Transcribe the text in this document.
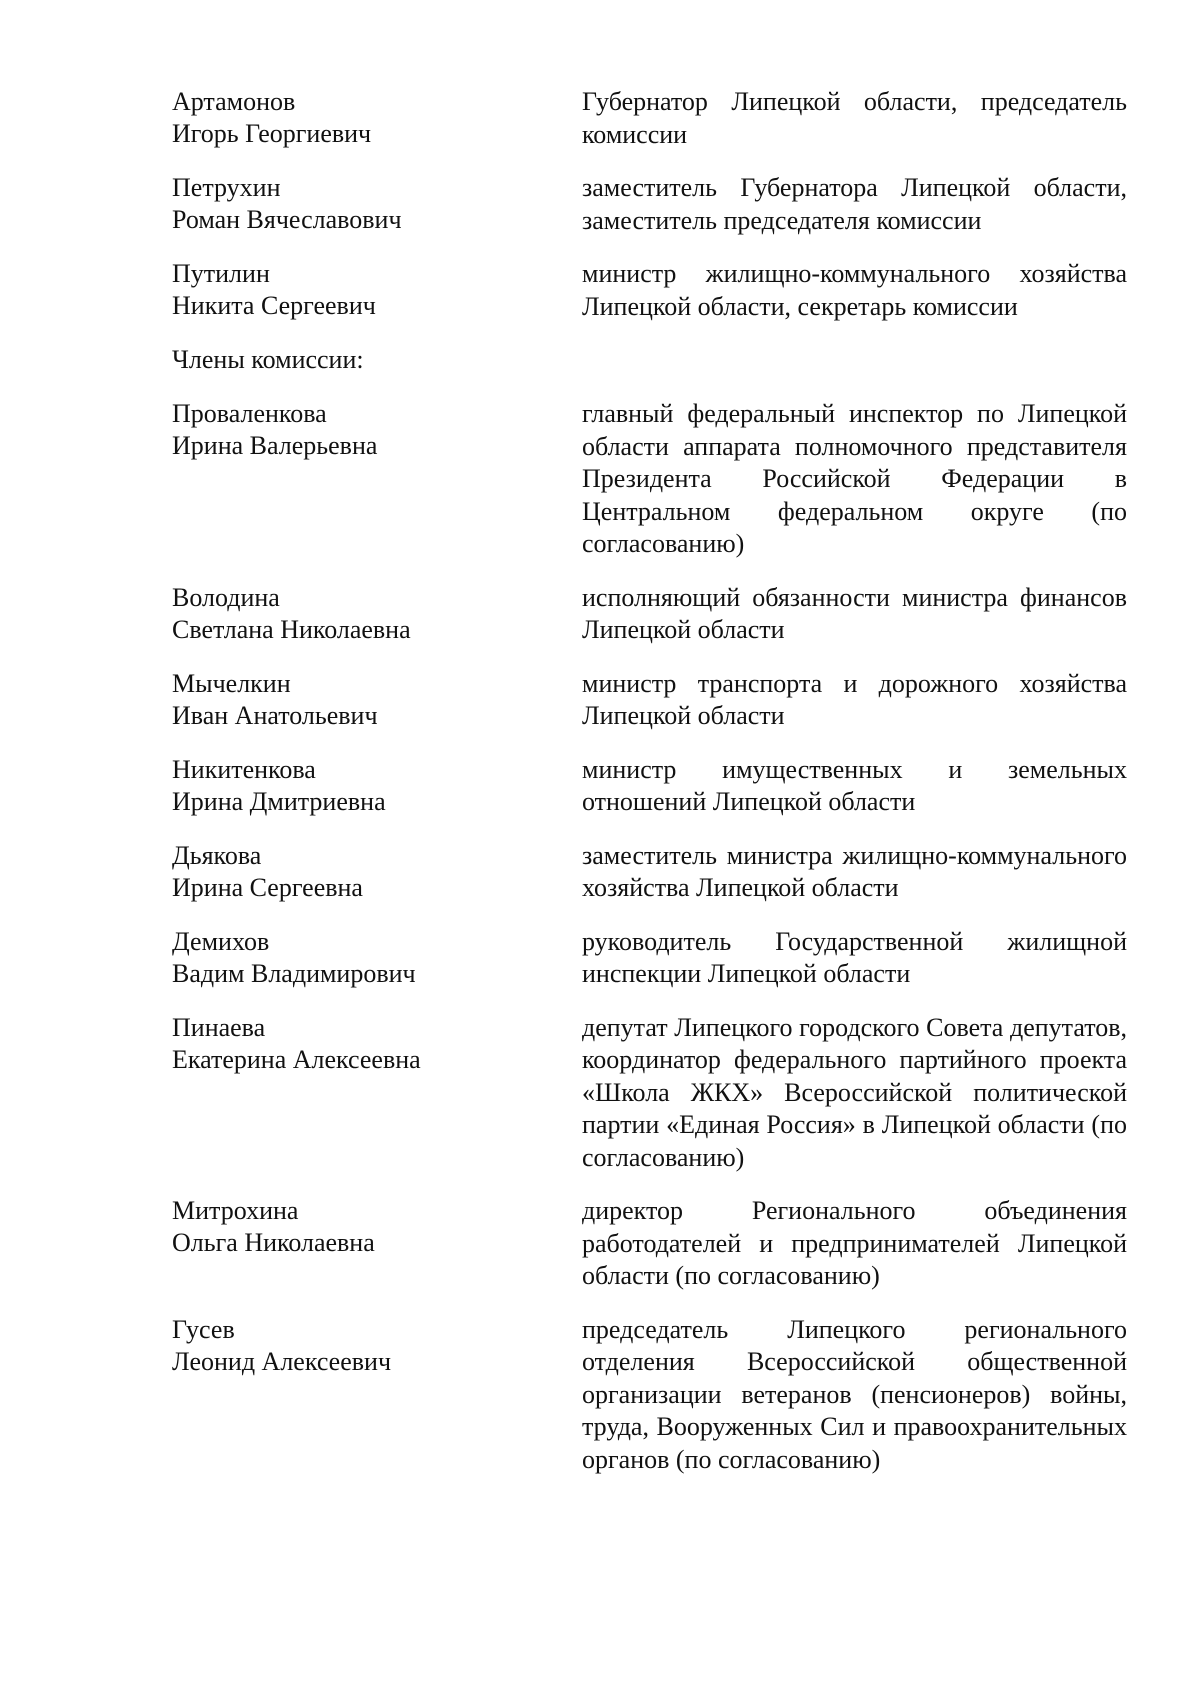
Артамонов
Игорь Георгиевич
Губернатор Липецкой области, председатель комиссии
Петрухин
Роман Вячеславович
заместитель Губернатора Липецкой области, заместитель председателя комиссии
Путилин
Никита Сергеевич
министр жилищно-коммунального хозяйства Липецкой области, секретарь комиссии
Члены комиссии:
Проваленкова
Ирина Валерьевна
главный федеральный инспектор по Липецкой области аппарата полномочного представителя Президента Российской Федерации в Центральном федеральном округе (по согласованию)
Володина
Светлана Николаевна
исполняющий обязанности министра финансов Липецкой области
Мычелкин
Иван Анатольевич
министр транспорта и дорожного хозяйства Липецкой области
Никитенкова
Ирина Дмитриевна
министр имущественных и земельных отношений Липецкой области
Дьякова
Ирина Сергеевна
заместитель министра жилищно-коммунального хозяйства Липецкой области
Демихов
Вадим Владимирович
руководитель Государственной жилищной инспекции Липецкой области
Пинаева
Екатерина Алексеевна
депутат Липецкого городского Совета депутатов, координатор федерального партийного проекта «Школа ЖКХ» Всероссийской политической партии «Единая Россия» в Липецкой области (по согласованию)
Митрохина
Ольга Николаевна
директор Регионального объединения работодателей и предпринимателей Липецкой области (по согласованию)
Гусев
Леонид Алексеевич
председатель Липецкого регионального отделения Всероссийской общественной организации ветеранов (пенсионеров) войны, труда, Вооруженных Сил и правоохранительных органов (по согласованию)
